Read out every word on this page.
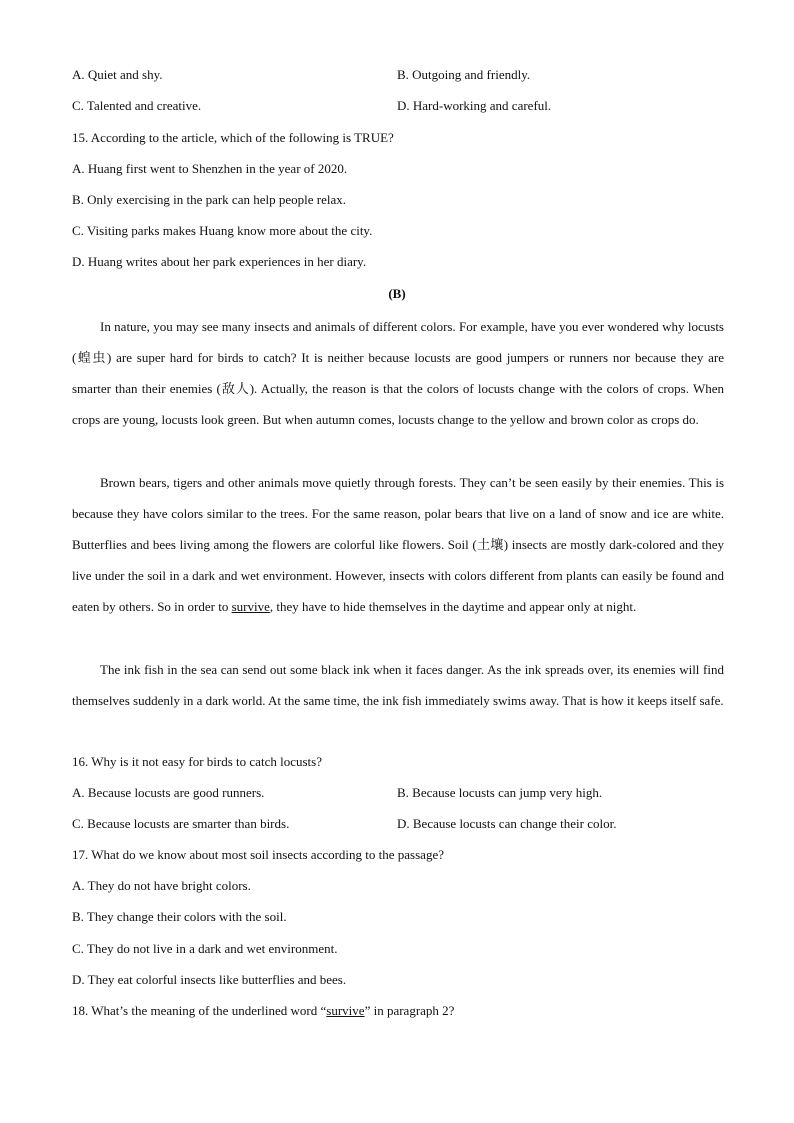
A. Quiet and shy.	B. Outgoing and friendly.
C. Talented and creative.	D. Hard-working and careful.
15. According to the article, which of the following is TRUE?
A. Huang first went to Shenzhen in the year of 2020.
B. Only exercising in the park can help people relax.
C. Visiting parks makes Huang know more about the city.
D. Huang writes about her park experiences in her diary.
(B)

In nature, you may see many insects and animals of different colors. For example, have you ever wondered why locusts (蝗虫) are super hard for birds to catch? It is neither because locusts are good jumpers or runners nor because they are smarter than their enemies (敌人). Actually, the reason is that the colors of locusts change with the colors of crops. When crops are young, locusts look green. But when autumn comes, locusts change to the yellow and brown color as crops do.

Brown bears, tigers and other animals move quietly through forests. They can’t be seen easily by their enemies. This is because they have colors similar to the trees. For the same reason, polar bears that live on a land of snow and ice are white. Butterflies and bees living among the flowers are colorful like flowers. Soil (土壤) insects are mostly dark-colored and they live under the soil in a dark and wet environment. However, insects with colors different from plants can easily be found and eaten by others. So in order to survive, they have to hide themselves in the daytime and appear only at night.

The ink fish in the sea can send out some black ink when it faces danger. As the ink spreads over, its enemies will find themselves suddenly in a dark world. At the same time, the ink fish immediately swims away. That is how it keeps itself safe.

16. Why is it not easy for birds to catch locusts?
A. Because locusts are good runners.	B. Because locusts can jump very high.
C. Because locusts are smarter than birds.	D. Because locusts can change their color.
17. What do we know about most soil insects according to the passage?
A. They do not have bright colors.
B. They change their colors with the soil.
C. They do not live in a dark and wet environment.
D. They eat colorful insects like butterflies and bees.
18. What’s the meaning of the underlined word “survive” in paragraph 2?
